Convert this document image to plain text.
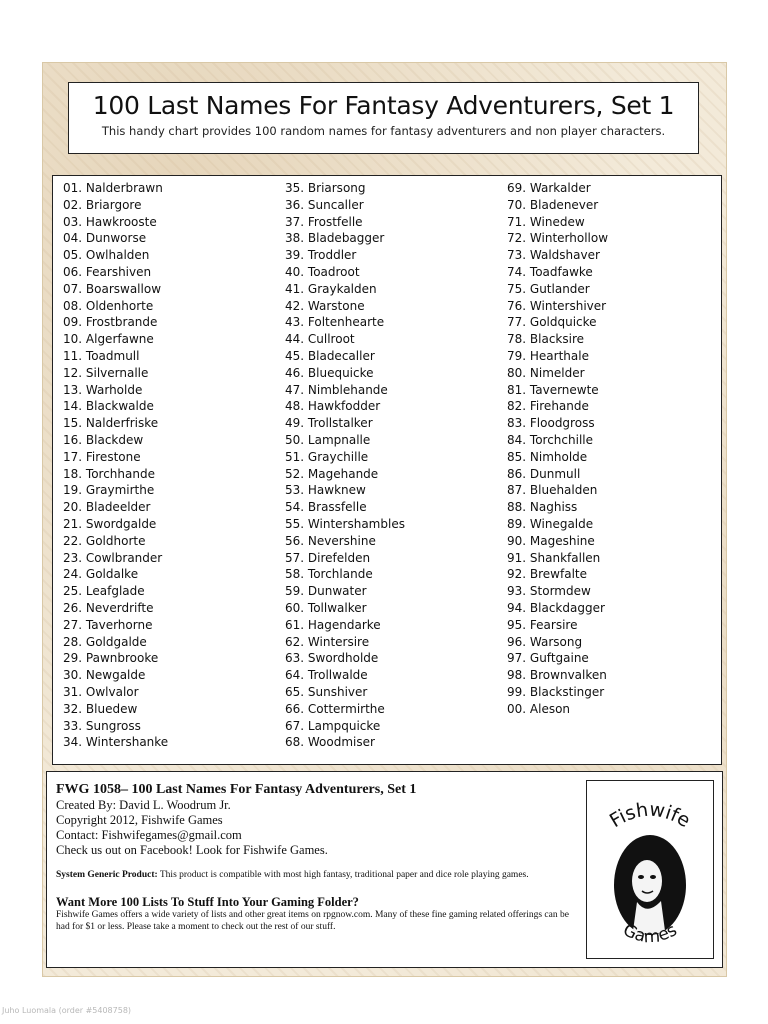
100 Last Names For Fantasy Adventurers, Set 1
This handy chart provides 100 random names for fantasy adventurers and non player characters.
01. Nalderbrawn
02. Briargore
03. Hawkrooste
04. Dunworse
05. Owlhalden
06. Fearshiven
07. Boarswallow
08. Oldenhorte
09. Frostbrande
10. Algerfawne
11. Toadmull
12. Silvernalle
13. Warholde
14. Blackwalde
15. Nalderfriske
16. Blackdew
17. Firestone
18. Torchhande
19. Graymirthe
20. Bladeelder
21. Swordgalde
22. Goldhorte
23. Cowlbrander
24. Goldalke
25. Leafglade
26. Neverdrifte
27. Taverhorne
28. Goldgalde
29. Pawnbrooke
30. Newgalde
31. Owlvalor
32. Bluedew
33. Sungross
34. Wintershanke
35. Briarsong
36. Suncaller
37. Frostfelle
38. Bladebagger
39. Troddler
40. Toadroot
41. Graykalden
42. Warstone
43. Foltenhearte
44. Cullroot
45. Bladecaller
46. Bluequicke
47. Nimblehande
48. Hawkfodder
49. Trollstalker
50. Lampnalle
51. Graychille
52. Magehande
53. Hawknew
54. Brassfelle
55. Wintershambles
56. Nevershine
57. Direfelden
58. Torchlande
59. Dunwater
60. Tollwalker
61. Hagendarke
62. Wintersire
63. Swordholde
64. Trollwalde
65. Sunshiver
66. Cottermirthe
67. Lampquicke
68. Woodmiser
69. Warkalder
70. Bladenever
71. Winedew
72. Winterhollow
73. Waldshaver
74. Toadfawke
75. Gutlander
76. Wintershiver
77. Goldquicke
78. Blacksire
79. Hearthale
80. Nimelder
81. Tavernewte
82. Firehande
83. Floodgross
84. Torchchille
85. Nimholde
86. Dunmull
87. Bluehalden
88. Naghiss
89. Winegalde
90. Mageshine
91. Shankfallen
92. Brewfalte
93. Stormdew
94. Blackdagger
95. Fearsire
96. Warsong
97. Guftgaine
98. Brownvalken
99. Blackstinger
00. Aleson
FWG 1058– 100 Last Names For Fantasy Adventurers, Set 1
Created By: David L. Woodrum Jr.
Copyright 2012, Fishwife Games
Contact: Fishwifegames@gmail.com
Check us out on Facebook! Look for Fishwife Games.
System Generic Product: This product is compatible with most high fantasy, traditional paper and dice role playing games.
Want More 100 Lists To Stuff Into Your Gaming Folder?
Fishwife Games offers a wide variety of lists and other great items on rpgnow.com. Many of these fine gaming related offerings can be had for $1 or less. Please take a moment to check out the rest of our stuff.
Fishwife
Games
Juho Luomala (order #5408758)
